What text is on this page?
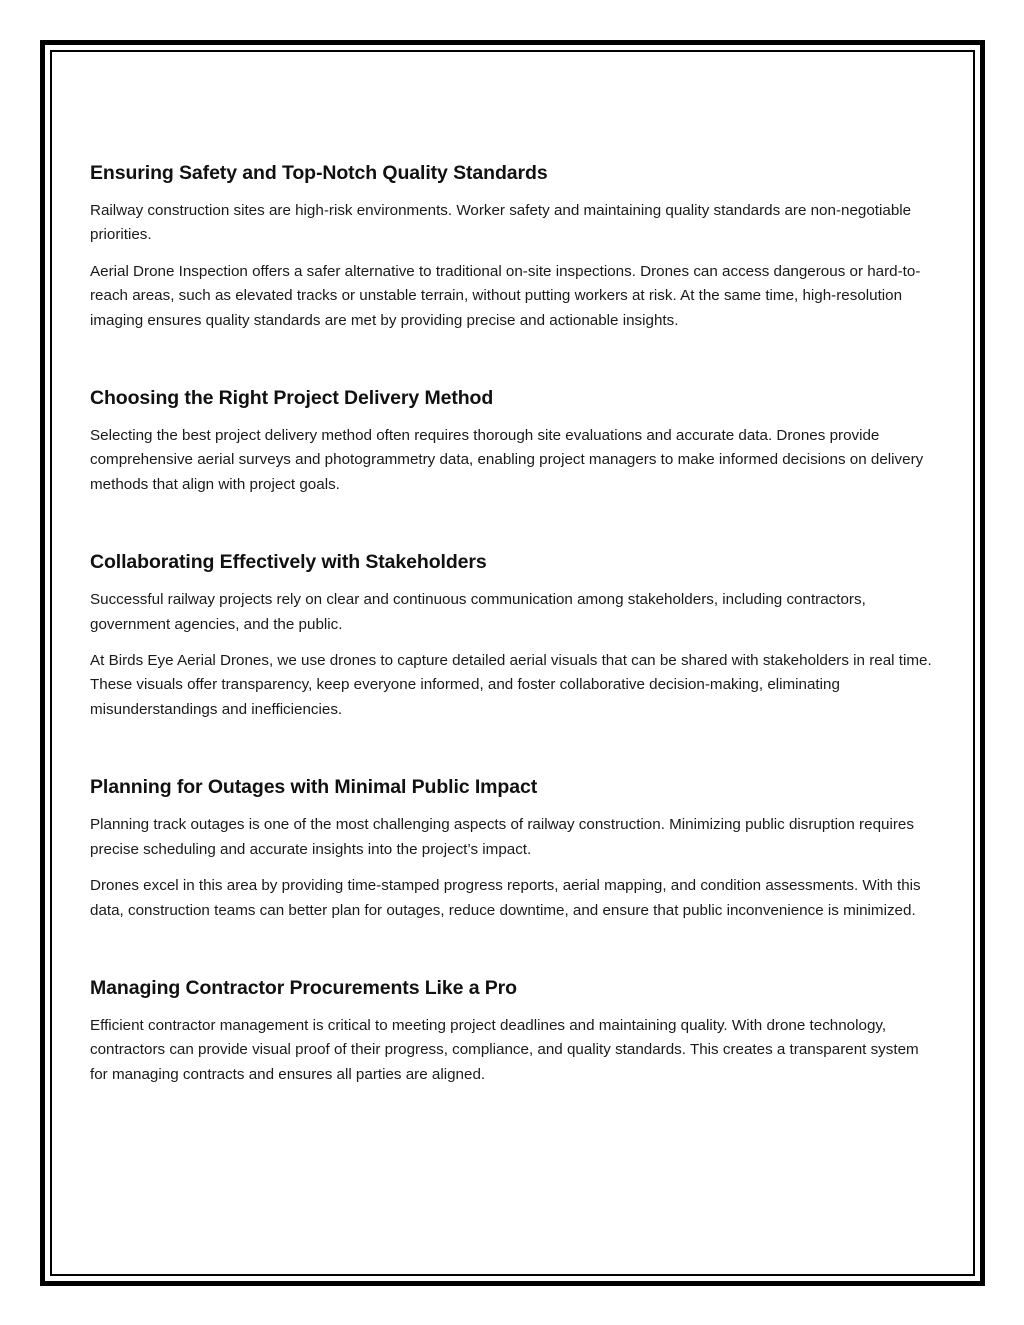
Ensuring Safety and Top-Notch Quality Standards

Railway construction sites are high-risk environments. Worker safety and maintaining quality standards are non-negotiable priorities.

Aerial Drone Inspection offers a safer alternative to traditional on-site inspections. Drones can access dangerous or hard-to-reach areas, such as elevated tracks or unstable terrain, without putting workers at risk. At the same time, high-resolution imaging ensures quality standards are met by providing precise and actionable insights.

Choosing the Right Project Delivery Method

Selecting the best project delivery method often requires thorough site evaluations and accurate data. Drones provide comprehensive aerial surveys and photogrammetry data, enabling project managers to make informed decisions on delivery methods that align with project goals.

Collaborating Effectively with Stakeholders

Successful railway projects rely on clear and continuous communication among stakeholders, including contractors, government agencies, and the public.

At Birds Eye Aerial Drones, we use drones to capture detailed aerial visuals that can be shared with stakeholders in real time. These visuals offer transparency, keep everyone informed, and foster collaborative decision-making, eliminating misunderstandings and inefficiencies.

Planning for Outages with Minimal Public Impact

Planning track outages is one of the most challenging aspects of railway construction. Minimizing public disruption requires precise scheduling and accurate insights into the project’s impact.

Drones excel in this area by providing time-stamped progress reports, aerial mapping, and condition assessments. With this data, construction teams can better plan for outages, reduce downtime, and ensure that public inconvenience is minimized.

Managing Contractor Procurements Like a Pro

Efficient contractor management is critical to meeting project deadlines and maintaining quality. With drone technology, contractors can provide visual proof of their progress, compliance, and quality standards. This creates a transparent system for managing contracts and ensures all parties are aligned.
